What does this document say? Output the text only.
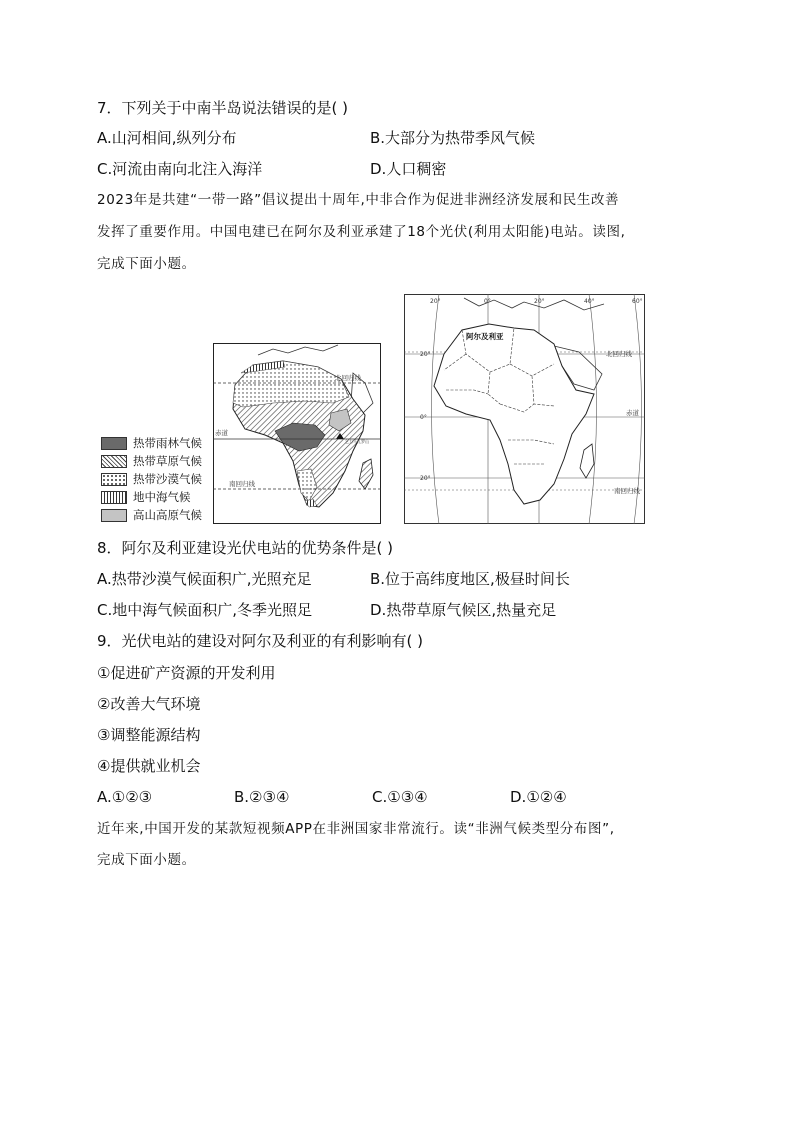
7．下列关于中南半岛说法错误的是( )
A.山河相间,纵列分布	B.大部分为热带季风气候
C.河流由南向北注入海洋	D.人口稠密
2023年是共建“一带一路”倡议提出十周年,中非合作为促进非洲经济发展和民生改善
发挥了重要作用。中国电建已在阿尔及利亚承建了18个光伏(利用太阳能)电站。读图,
完成下面小题。
热带雨林气候
热带草原气候
热带沙漠气候
地中海气候
高山高原气候
北回归线
赤道
南回归线
乞力马扎罗山
20°	0°	20°	40°	60°
20°
0°
20°
阿尔及利亚
北回归线
赤道
南回归线
8．阿尔及利亚建设光伏电站的优势条件是( )
A.热带沙漠气候面积广,光照充足	B.位于高纬度地区,极昼时间长
C.地中海气候面积广,冬季光照足	D.热带草原气候区,热量充足
9．光伏电站的建设对阿尔及利亚的有利影响有( )
①促进矿产资源的开发利用
②改善大气环境
③调整能源结构
④提供就业机会
A.①②③	B.②③④	C.①③④	D.①②④
近年来,中国开发的某款短视频APP在非洲国家非常流行。读“非洲气候类型分布图”,
完成下面小题。
